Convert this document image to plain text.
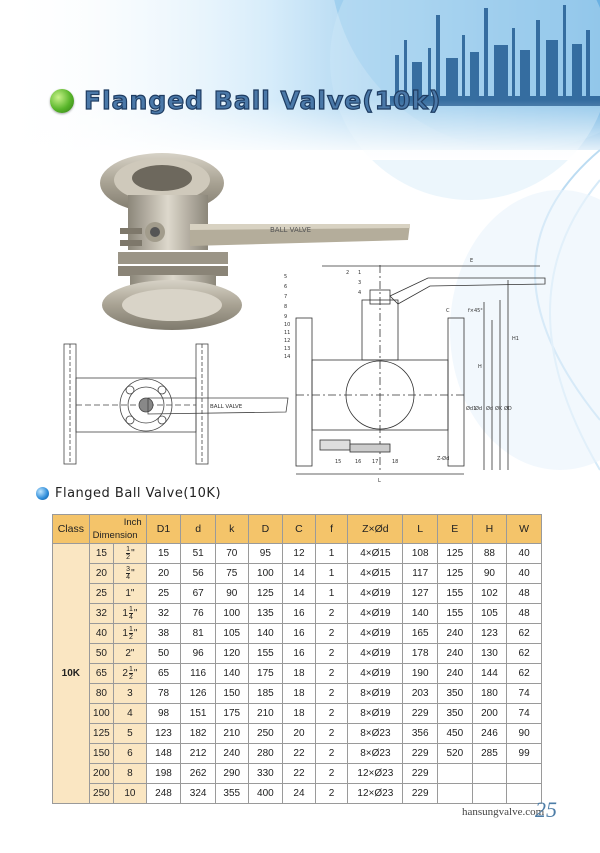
BALL VALVE
BALL VALVE
5
2 1
6
3
7
8
4
9
10
11
12
13
14
15	16 17	18
E
C	f×45°
H
H1
Ød1
Ød Ød ØK ØD
Z-Ød
L
Flanged Ball Valve(10k)
Flanged Ball Valve(10K)
Class	Inch
Dimension		D1	d	k	D	C	f	Z×Ød	L	E	H	W
10K	15	$\frac{1}{2}$ "	15	51	70	95	12	1	4×Ø15	108	125	88	40
	20	$\frac{3}{4}$ "	20	56	75	100	14	1	4×Ø15	117	125	90	40
	25	1 "	25	67	90	125	14	1	4×Ø19	127	155	102	48
	32	$1 \frac{1}{4}$ "	32	76	100	135	16	2	4×Ø19	140	155	105	48
	40	$1 \frac{1}{2}$ "	38	81	105	140	16	2	4×Ø19	165	240	123	62
	50	2 "	50	96	120	155	16	2	4×Ø19	178	240	130	62
	65	$2 \frac{1}{2}$ "	65	116	140	175	18	2	4×Ø19	190	240	144	62
	80	3	78	126	150	185	18	2	8×Ø19	203	350	180	74
	100	4	98	151	175	210	18	2	8×Ø19	229	350	200	74
	125	5	123	182	210	250	20	2	8×Ø23	356	450	246	90
	150	6	148	212	240	280	22	2	8×Ø23	229	520	285	99
	200	8	198	262	290	330	22	2	12×Ø23	229			
	250	10	248	324	355	400	24	2	12×Ø23	229			
hansungvalve.com
25
